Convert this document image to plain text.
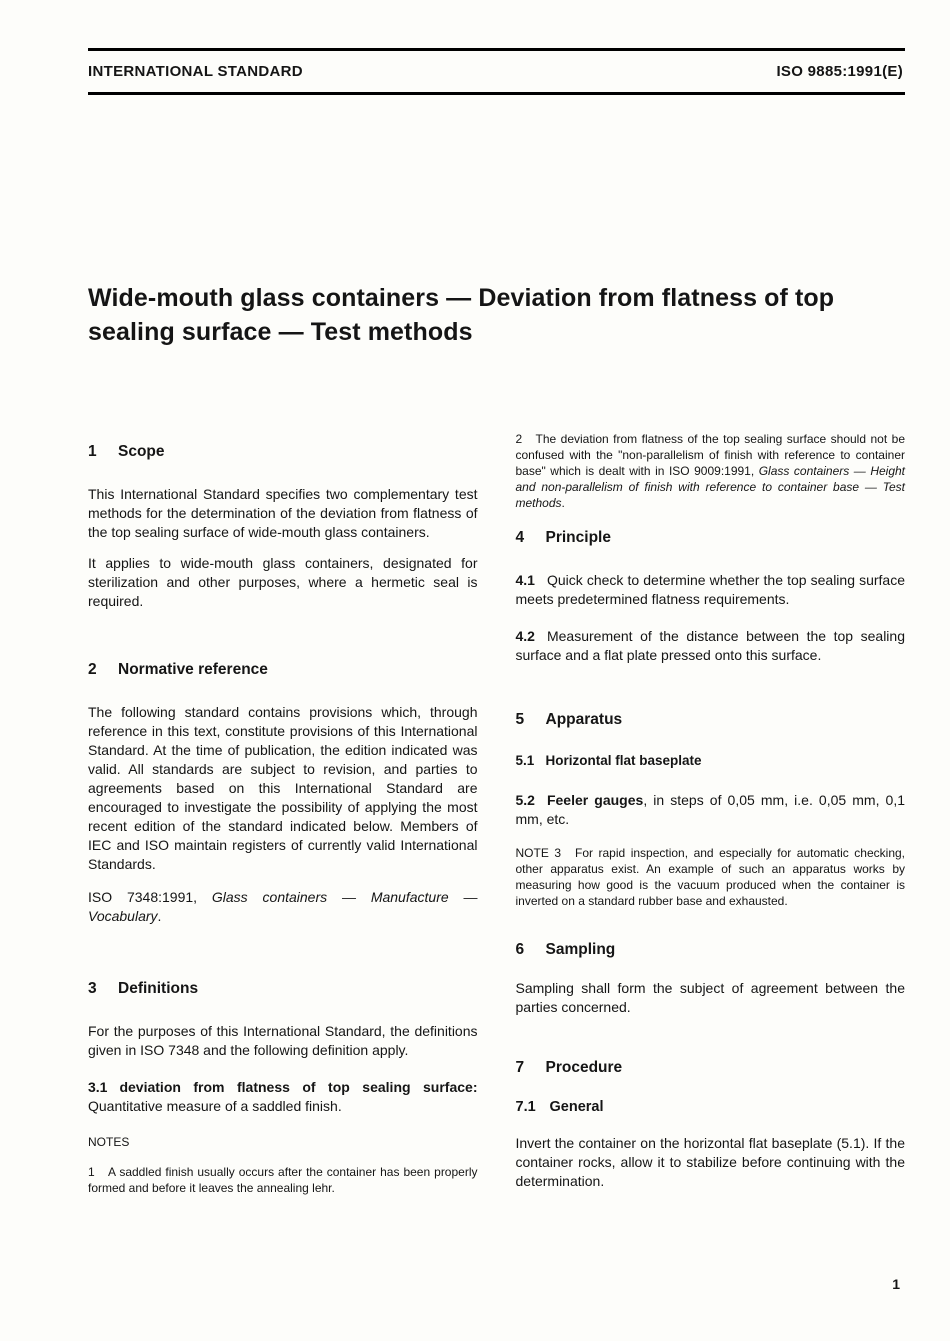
INTERNATIONAL STANDARD	ISO 9885:1991(E)
Wide-mouth glass containers — Deviation from flatness of top sealing surface — Test methods
1 Scope

This International Standard specifies two complementary test methods for the determination of the deviation from flatness of the top sealing surface of wide-mouth glass containers.

It applies to wide-mouth glass containers, designated for sterilization and other purposes, where a hermetic seal is required.

2 Normative reference

The following standard contains provisions which, through reference in this text, constitute provisions of this International Standard. At the time of publication, the edition indicated was valid. All standards are subject to revision, and parties to agreements based on this International Standard are encouraged to investigate the possibility of applying the most recent edition of the standard indicated below. Members of IEC and ISO maintain registers of currently valid International Standards.

ISO 7348:1991, Glass containers — Manufacture — Vocabulary.

3 Definitions

For the purposes of this International Standard, the definitions given in ISO 7348 and the following definition apply.

3.1 deviation from flatness of top sealing surface: Quantitative measure of a saddled finish.

NOTES

1 A saddled finish usually occurs after the container has been properly formed and before it leaves the annealing lehr.

2 The deviation from flatness of the top sealing surface should not be confused with the "non-parallelism of finish with reference to container base" which is dealt with in ISO 9009:1991, Glass containers — Height and non-parallelism of finish with reference to container base — Test methods.

4 Principle

4.1 Quick check to determine whether the top sealing surface meets predetermined flatness requirements.

4.2 Measurement of the distance between the top sealing surface and a flat plate pressed onto this surface.

5 Apparatus

5.1 Horizontal flat baseplate

5.2 Feeler gauges, in steps of 0,05 mm, i.e. 0,05 mm, 0,1 mm, etc.

NOTE 3 For rapid inspection, and especially for automatic checking, other apparatus exist. An example of such an apparatus works by measuring how good is the vacuum produced when the container is inverted on a standard rubber base and exhausted.

6 Sampling

Sampling shall form the subject of agreement between the parties concerned.

7 Procedure

7.1 General

Invert the container on the horizontal flat baseplate (5.1). If the container rocks, allow it to stabilize before continuing with the determination.

1
